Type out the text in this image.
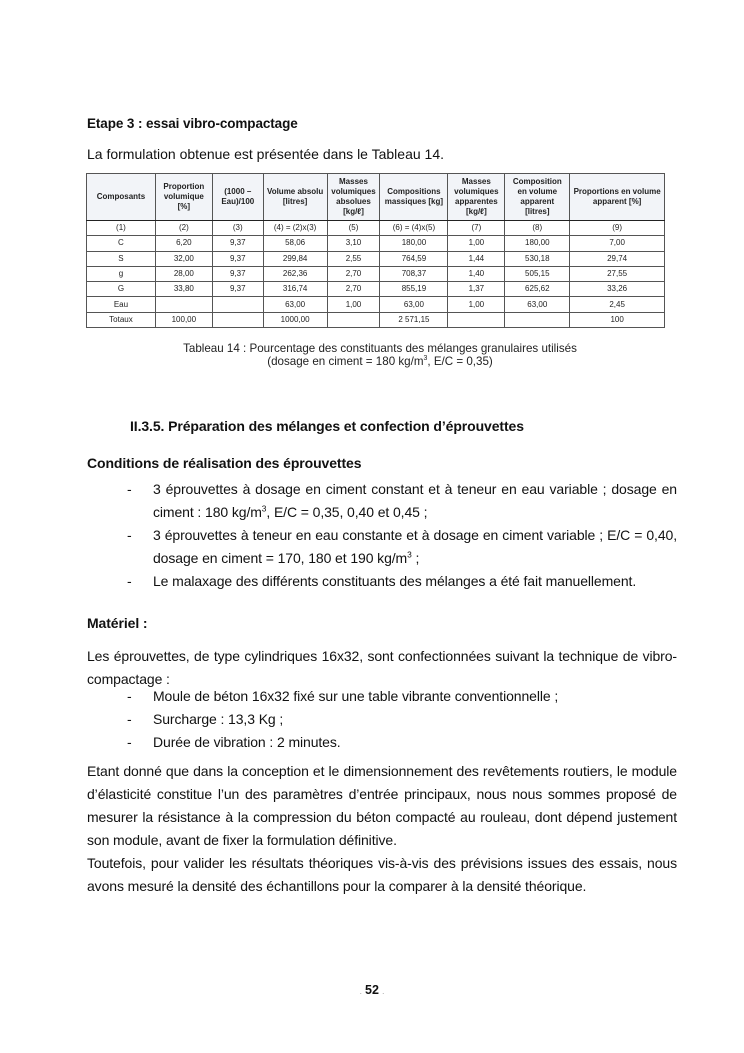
Etape 3 : essai vibro-compactage
La formulation obtenue est présentée dans le Tableau 14.
Composants	Proportion volumique [%]	(1000 – Eau)/100	Volume absolu [litres]	Masses volumiques absolues [kg/ℓ]	Compositions massiques [kg]	Masses volumiques apparentes [kg/ℓ]	Composition en volume apparent [litres]	Proportions en volume apparent [%]
(1)	(2)	(3)	(4) = (2)x(3)	(5)	(6) = (4)x(5)	(7)	(8)	(9)
C	6,20	9,37	58,06	3,10	180,00	1,00	180,00	7,00
S	32,00	9,37	299,84	2,55	764,59	1,44	530,18	29,74
g	28,00	9,37	262,36	2,70	708,37	1,40	505,15	27,55
G	33,80	9,37	316,74	2,70	855,19	1,37	625,62	33,26
Eau			63,00	1,00	63,00	1,00	63,00	2,45
Totaux	100,00		1000,00		2 571,15			100
Tableau 14 : Pourcentage des constituants des mélanges granulaires utilisés
(dosage en ciment = 180 $kg/m^3$, E/C = 0,35)
II.3.5. Préparation des mélanges et confection d’éprouvettes
Conditions de réalisation des éprouvettes
- 3 éprouvettes à dosage en ciment constant et à teneur en eau variable ; dosage en ciment : 180 $kg/m^3$, E/C = 0,35, 0,40 et 0,45 ;
- 3 éprouvettes à teneur en eau constante et à dosage en ciment variable ; E/C = 0,40, dosage en ciment = 170, 180 et 190 $kg/m^3$ ;
- Le malaxage des différents constituants des mélanges a été fait manuellement.
Matériel :
Les éprouvettes, de type cylindriques 16x32, sont confectionnées suivant la technique de vibro-compactage :
- Moule de béton 16x32 fixé sur une table vibrante conventionnelle ;
- Surcharge : 13,3 Kg ;
- Durée de vibration : 2 minutes.
Etant donné que dans la conception et le dimensionnement des revêtements routiers, le module d’élasticité constitue l’un des paramètres d’entrée principaux, nous nous sommes proposé de mesurer la résistance à la compression du béton compacté au rouleau, dont dépend justement son module, avant de fixer la formulation définitive.
Toutefois, pour valider les résultats théoriques vis-à-vis des prévisions issues des essais, nous avons mesuré la densité des échantillons pour la comparer à la densité théorique.
. 52 .
